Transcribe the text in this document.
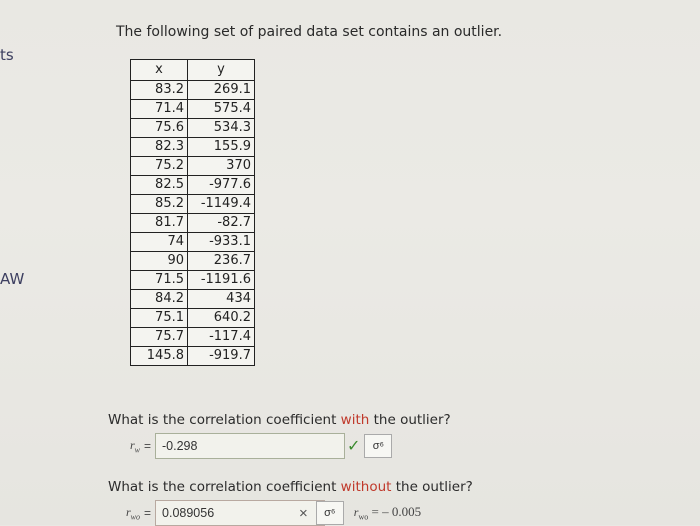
ts
AW
The following set of paired data set contains an outlier.
x	y
83.2	269.1
71.4	575.4
75.6	534.3
82.3	155.9
75.2	370
82.5	-977.6
85.2	-1149.4
81.7	-82.7
74	-933.1
90	236.7
71.5	-1191.6
84.2	434
75.1	640.2
75.7	-117.4
145.8	-919.7
What is the correlation coefficient with the outlier?
$r_w = -0.298$	✓	σ⁶
What is the correlation coefficient without the outlier?
$r_{wo} = 0.089056$	×	σ⁶	$r_{wo}$ = – 0.005
